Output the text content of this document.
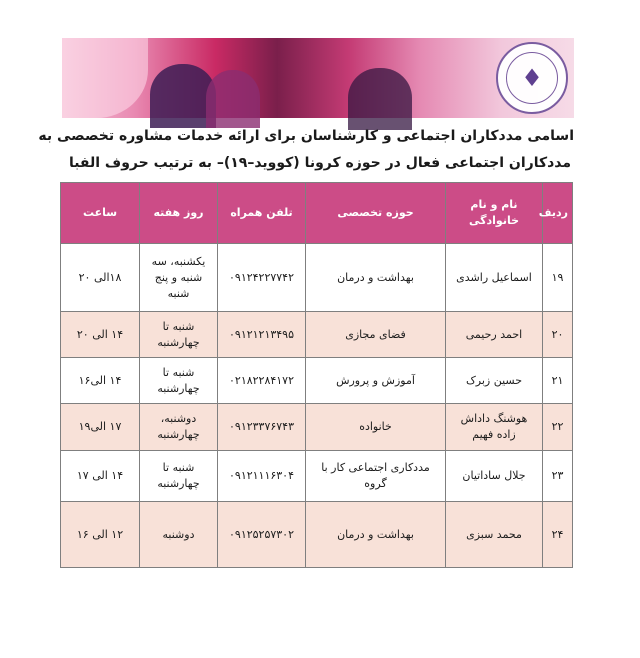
♦
اسامی مددکاران اجتماعی و کارشناسان برای ارائه خدمات مشاوره تخصصی به
مددکاران اجتماعی فعال در حوزه کرونا (کووید–۱۹)– به ترتیب حروف الفبا
ردیف	نام و نام خانوادگی	حوزه تخصصی	تلفن همراه	روز هفته	ساعت
۱۹	اسماعیل راشدی	بهداشت و درمان	۰۹۱۲۴۲۲۷۷۴۲	یکشنبه، سه شنبه و پنج شنبه	۱۸الی ۲۰
۲۰	احمد رحیمی	فضای مجازی	۰۹۱۲۱۲۱۳۴۹۵	شنبه تا چهارشنبه	۱۴ الی ۲۰
۲۱	حسین زبرک	آموزش و پرورش	۰۲۱۸۲۲۸۴۱۷۲	شنبه تا چهارشنبه	۱۴ الی۱۶
۲۲	هوشنگ داداش زاده فهیم	خانواده	۰۹۱۲۳۳۷۶۷۴۳	دوشنبه، چهارشنبه	۱۷ الی۱۹
۲۳	جلال ساداتیان	مددکاری اجتماعی کار با گروه	۰۹۱۲۱۱۱۶۳۰۴	شنبه تا چهارشنبه	۱۴ الی ۱۷
۲۴	محمد سبزی	بهداشت و درمان	۰۹۱۲۵۲۵۷۳۰۲	دوشنبه	۱۲ الی ۱۶
